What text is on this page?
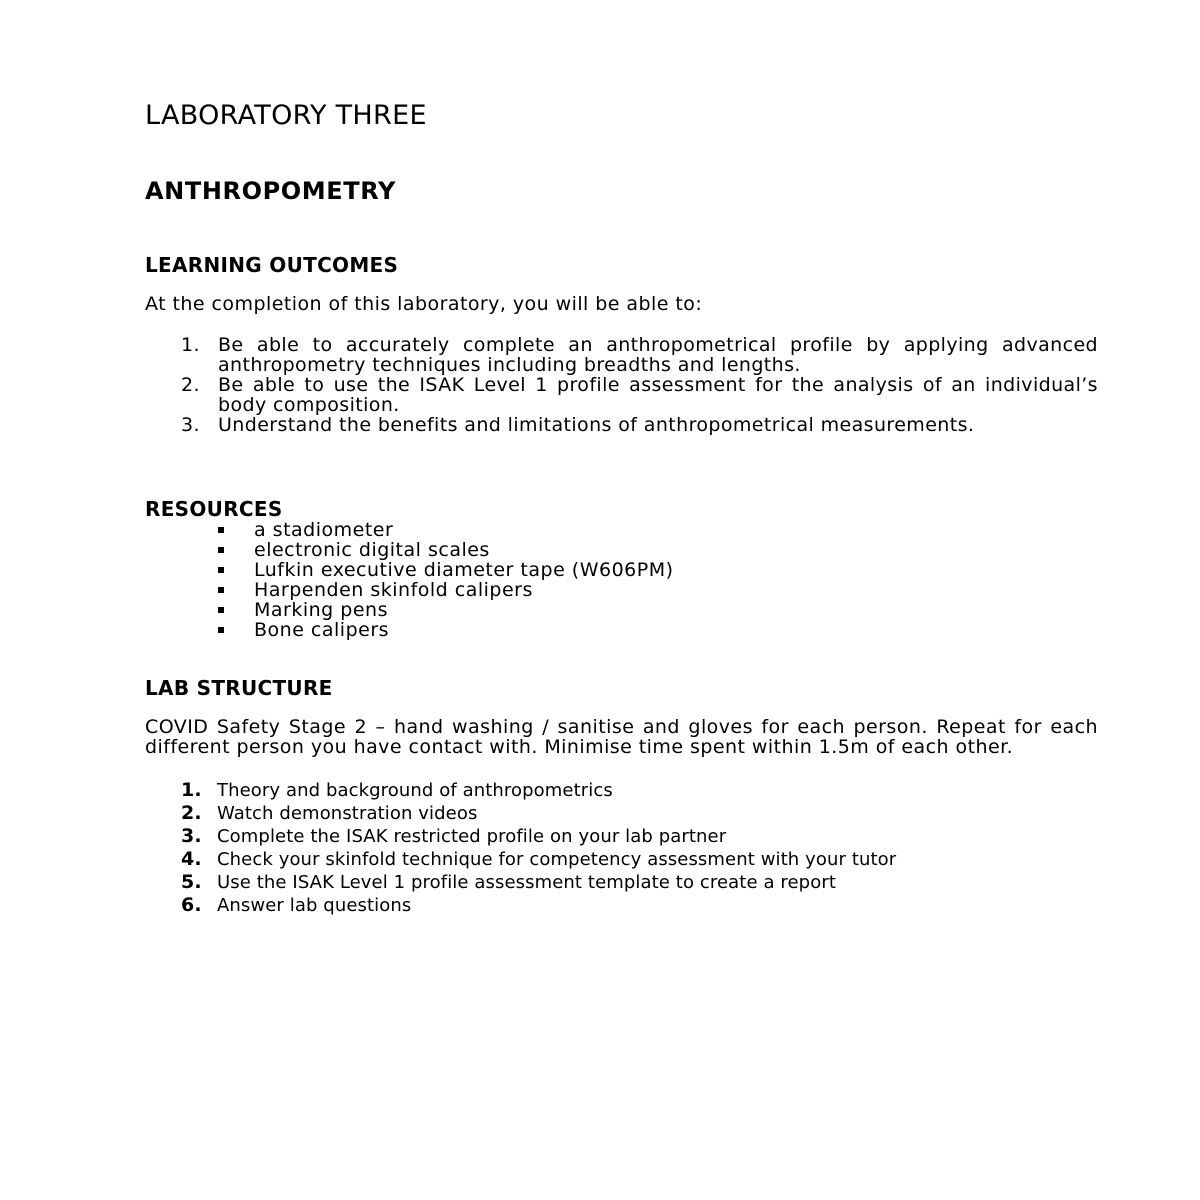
LABORATORY THREE
ANTHROPOMETRY
LEARNING OUTCOMES
At the completion of this laboratory, you will be able to:
1. Be able to accurately complete an anthropometrical profile by applying advanced anthropometry techniques including breadths and lengths.
2. Be able to use the ISAK Level 1 profile assessment for the analysis of an individual’s body composition.
3. Understand the benefits and limitations of anthropometrical measurements.
RESOURCES
a stadiometer
electronic digital scales
Lufkin executive diameter tape (W606PM)
Harpenden skinfold calipers
Marking pens
Bone calipers
LAB STRUCTURE
COVID Safety Stage 2 – hand washing / sanitise and gloves for each person. Repeat for each different person you have contact with. Minimise time spent within 1.5m of each other.
1. Theory and background of anthropometrics
2. Watch demonstration videos
3. Complete the ISAK restricted profile on your lab partner
4. Check your skinfold technique for competency assessment with your tutor
5. Use the ISAK Level 1 profile assessment template to create a report
6. Answer lab questions
